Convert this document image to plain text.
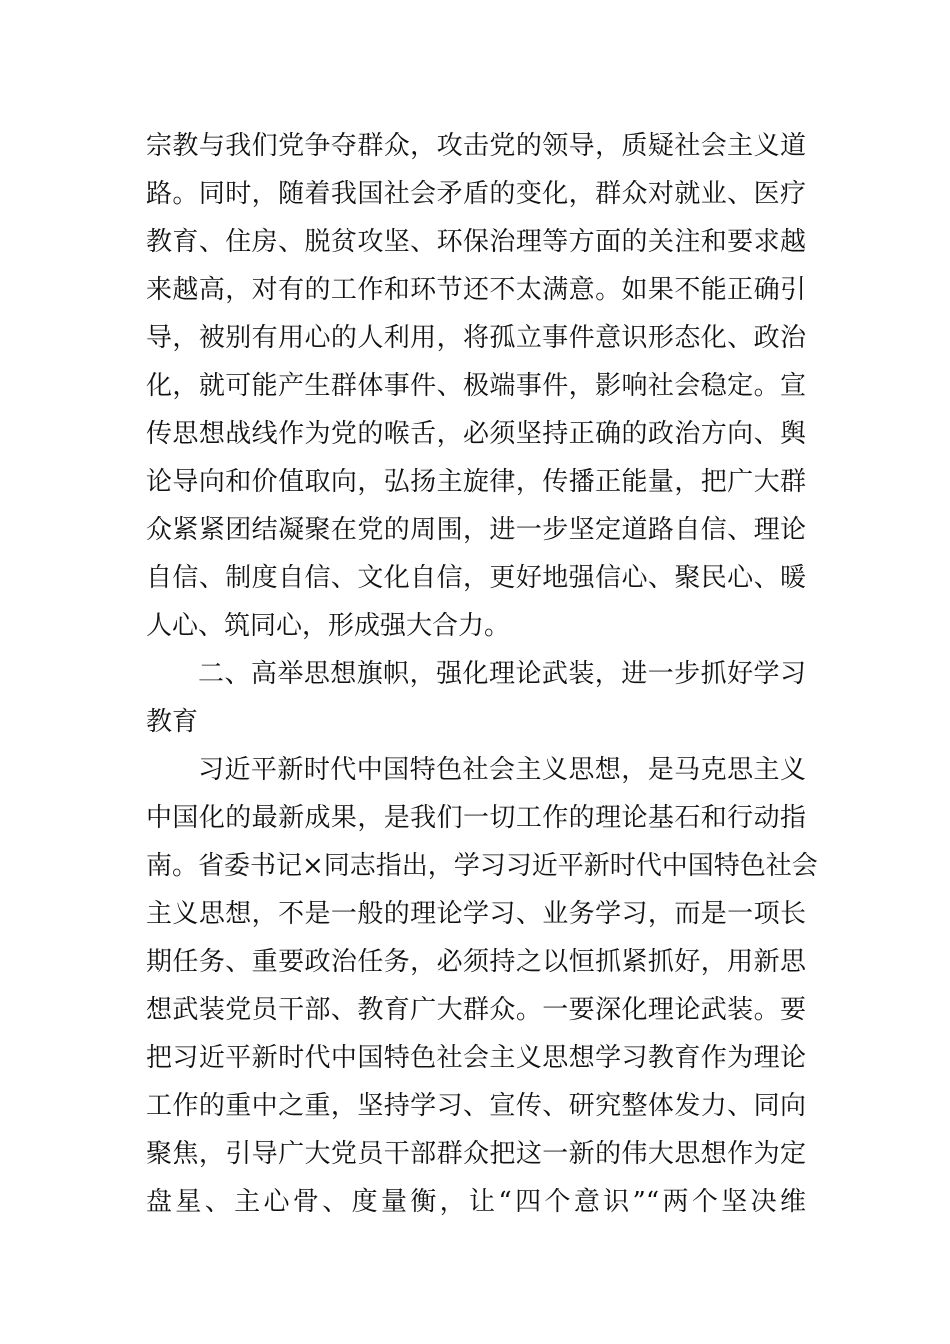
宗教与我们党争夺群众，攻击党的领导，质疑社会主义道
路。同时，随着我国社会矛盾的变化，群众对就业、医疗
教育、住房、脱贫攻坚、环保治理等方面的关注和要求越
来越高，对有的工作和环节还不太满意。如果不能正确引
导，被别有用心的人利用，将孤立事件意识形态化、政治
化，就可能产生群体事件、极端事件，影响社会稳定。宣
传思想战线作为党的喉舌，必须坚持正确的政治方向、舆
论导向和价值取向，弘扬主旋律，传播正能量，把广大群
众紧紧团结凝聚在党的周围，进一步坚定道路自信、理论
自信、制度自信、文化自信，更好地强信心、聚民心、暖
人心、筑同心，形成强大合力。
二、高举思想旗帜，强化理论武装，进一步抓好学习
教育
习近平新时代中国特色社会主义思想，是马克思主义
中国化的最新成果，是我们一切工作的理论基石和行动指
南。省委书记×同志指出，学习习近平新时代中国特色社会
主义思想，不是一般的理论学习、业务学习，而是一项长
期任务、重要政治任务，必须持之以恒抓紧抓好，用新思
想武装党员干部、教育广大群众。一要深化理论武装。要
把习近平新时代中国特色社会主义思想学习教育作为理论
工作的重中之重，坚持学习、宣传、研究整体发力、同向
聚焦，引导广大党员干部群众把这一新的伟大思想作为定
盘星、主心骨、度量衡，让“四个意识”“两个坚决维
